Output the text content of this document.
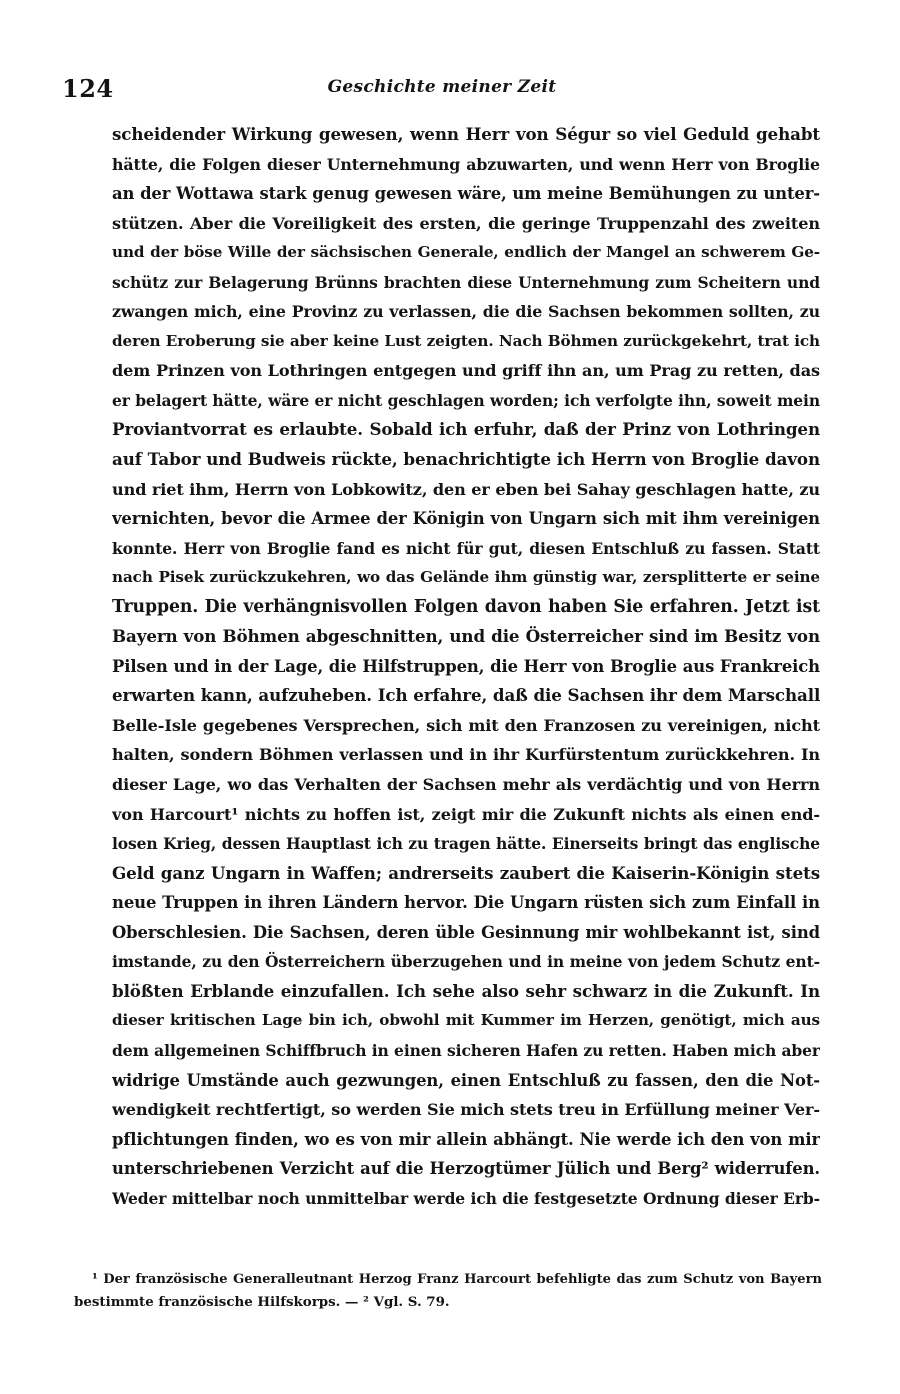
124	Geschichte meiner Zeit
scheidender Wirkung gewesen, wenn Herr von Ségur so viel Geduld gehabt
hätte, die Folgen dieser Unternehmung abzuwarten, und wenn Herr von Broglie
an der Wottawa stark genug gewesen wäre, um meine Bemühungen zu unter-
stützen. Aber die Voreiligkeit des ersten, die geringe Truppenzahl des zweiten
und der böse Wille der sächsischen Generale, endlich der Mangel an schwerem Ge-
schütz zur Belagerung Brünns brachten diese Unternehmung zum Scheitern und
zwangen mich, eine Provinz zu verlassen, die die Sachsen bekommen sollten, zu
deren Eroberung sie aber keine Lust zeigten. Nach Böhmen zurückgekehrt, trat ich
dem Prinzen von Lothringen entgegen und griff ihn an, um Prag zu retten, das
er belagert hätte, wäre er nicht geschlagen worden; ich verfolgte ihn, soweit mein
Proviantvorrat es erlaubte. Sobald ich erfuhr, daß der Prinz von Lothringen
auf Tabor und Budweis rückte, benachrichtigte ich Herrn von Broglie davon
und riet ihm, Herrn von Lobkowitz, den er eben bei Sahay geschlagen hatte, zu
vernichten, bevor die Armee der Königin von Ungarn sich mit ihm vereinigen
konnte. Herr von Broglie fand es nicht für gut, diesen Entschluß zu fassen. Statt
nach Pisek zurückzukehren, wo das Gelände ihm günstig war, zersplitterte er seine
Truppen. Die verhängnisvollen Folgen davon haben Sie erfahren. Jetzt ist
Bayern von Böhmen abgeschnitten, und die Österreicher sind im Besitz von
Pilsen und in der Lage, die Hilfstruppen, die Herr von Broglie aus Frankreich
erwarten kann, aufzuheben. Ich erfahre, daß die Sachsen ihr dem Marschall
Belle-Isle gegebenes Versprechen, sich mit den Franzosen zu vereinigen, nicht
halten, sondern Böhmen verlassen und in ihr Kurfürstentum zurückkehren. In
dieser Lage, wo das Verhalten der Sachsen mehr als verdächtig und von Herrn
von Harcourt¹ nichts zu hoffen ist, zeigt mir die Zukunft nichts als einen end-
losen Krieg, dessen Hauptlast ich zu tragen hätte. Einerseits bringt das englische
Geld ganz Ungarn in Waffen; andrerseits zaubert die Kaiserin-Königin stets
neue Truppen in ihren Ländern hervor. Die Ungarn rüsten sich zum Einfall in
Oberschlesien. Die Sachsen, deren üble Gesinnung mir wohlbekannt ist, sind
imstande, zu den Österreichern überzugehen und in meine von jedem Schutz ent-
blößten Erblande einzufallen. Ich sehe also sehr schwarz in die Zukunft. In
dieser kritischen Lage bin ich, obwohl mit Kummer im Herzen, genötigt, mich aus
dem allgemeinen Schiffbruch in einen sicheren Hafen zu retten. Haben mich aber
widrige Umstände auch gezwungen, einen Entschluß zu fassen, den die Not-
wendigkeit rechtfertigt, so werden Sie mich stets treu in Erfüllung meiner Ver-
pflichtungen finden, wo es von mir allein abhängt. Nie werde ich den von mir
unterschriebenen Verzicht auf die Herzogtümer Jülich und Berg² widerrufen.
Weder mittelbar noch unmittelbar werde ich die festgesetzte Ordnung dieser Erb-
¹ Der französische Generalleutnant Herzog Franz Harcourt befehligte das zum Schutz von Bayern
bestimmte französische Hilfskorps. — ² Vgl. S. 79.
